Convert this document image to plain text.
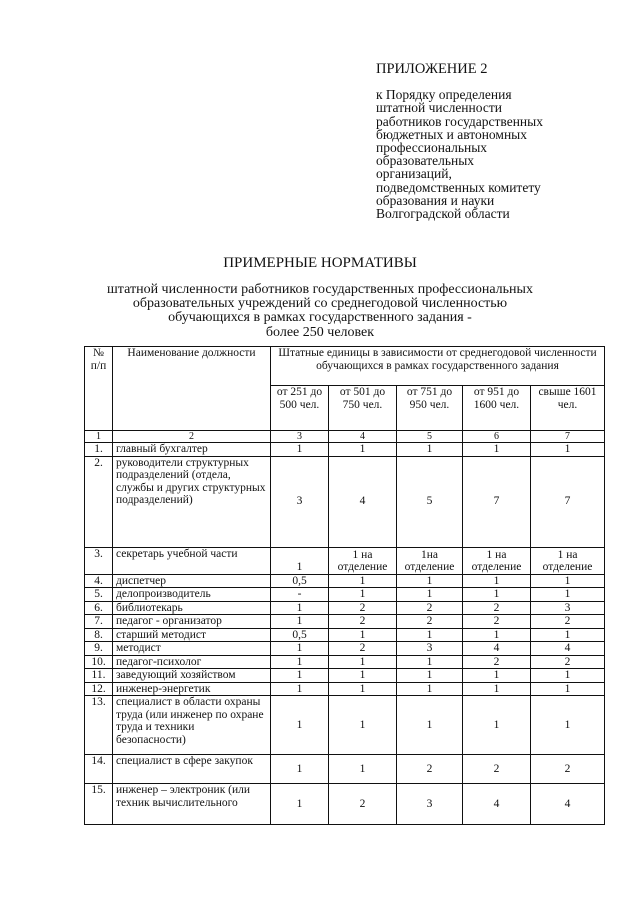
ПРИЛОЖЕНИЕ 2
к Порядку определения
штатной численности
работников государственных
бюджетных и автономных
профессиональных
образовательных
организаций,
подведомственных комитету
образования и науки
Волгоградской области
ПРИМЕРНЫЕ НОРМАТИВЫ
штатной численности работников государственных профессиональных
образовательных учреждений со среднегодовой численностью
обучающихся в рамках государственного задания -
более 250 человек
№ п/п	Наименование должности	Штатные единицы в зависимости от среднегодовой численности обучающихся в рамках государственного задания				
		от 251 до 500 чел.	от 501 до 750 чел.	от 751 до 950 чел.	от 951 до 1600 чел.	свыше 1601 чел.
1	2	3	4	5	6	7
1.	главный бухгалтер	1	1	1	1	1
2.	руководители структурных подразделений (отдела, службы и других структурных подразделений)	3	4	5	7	7
3.	секретарь учебной части	1	1 на отделение	1на отделение	1 на отделение	1 на отделение
4.	диспетчер	0,5	1	1	1	1
5.	делопроизводитель	-	1	1	1	1
6.	библиотекарь	1	2	2	2	3
7.	педагог - организатор	1	2	2	2	2
8.	старший методист	0,5	1	1	1	1
9.	методист	1	2	3	4	4
10.	педагог-психолог	1	1	1	2	2
11.	заведующий хозяйством	1	1	1	1	1
12.	инженер-энергетик	1	1	1	1	1
13.	специалист в области охраны труда (или инженер по охране труда и техники безопасности)	1	1	1	1	1
14.	специалист в сфере закупок	1	1	2	2	2
15.	инженер – электроник (или техник вычислительного	1	2	3	4	4
